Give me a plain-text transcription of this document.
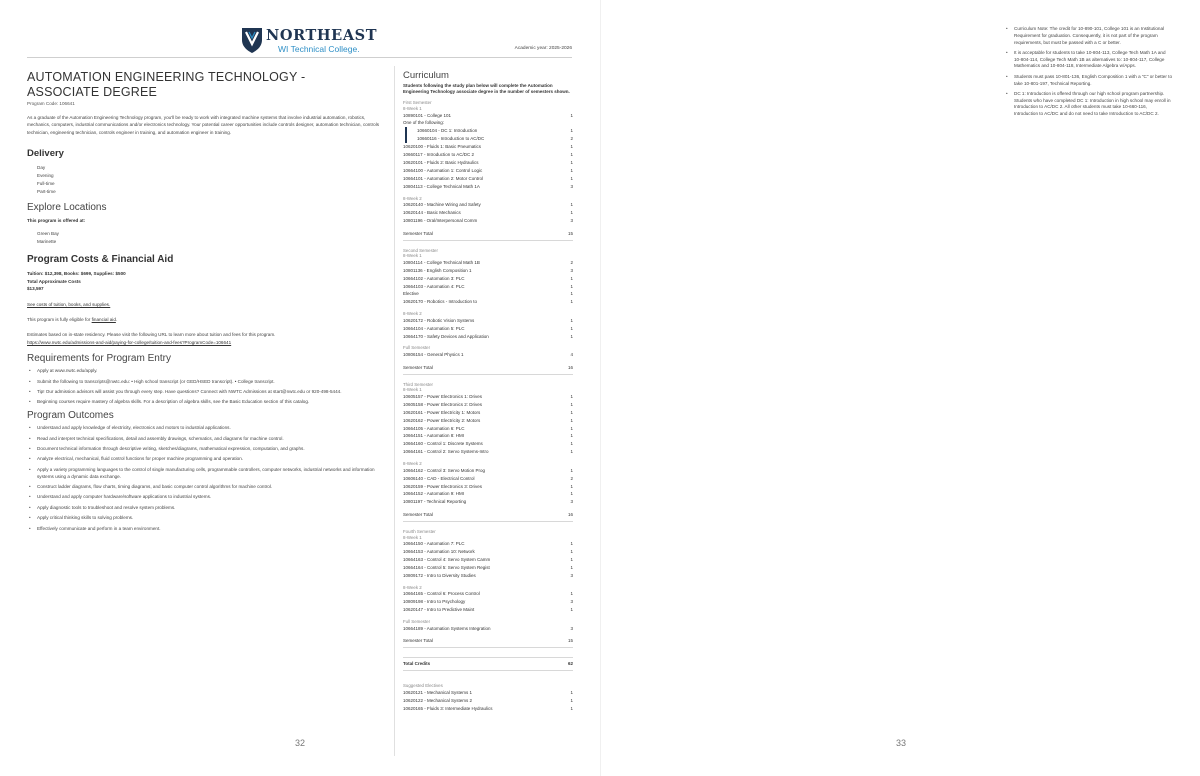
NORTHEAST
WI Technical College.	Academic year: 2025-2026
AUTOMATION ENGINEERING TECHNOLOGY -
ASSOCIATE DEGREE
Program Code: 106641

As a graduate of the Automation Engineering Technology program, you'll be ready to work with integrated machine systems that involve industrial automation, robotics, mechanics, computers, industrial communications and/or electronics technology. Your potential career opportunities include controls designer, automation technician, controls technician, engineering technician, controls engineer in training, and automation engineer in training.

Delivery
Day
Evening
Full-time
Part-time
Explore Locations

This program is offered at:

Green Bay
Marinette
Program Costs & Financial Aid

Tuition: $12,398, Books: $699, Supplies: $500

Total Approximate Costs

$13,597

See costs of tuition, books, and supplies.

This program is fully eligible for financial aid.

Estimates based on in-state residency. Please visit the following URL to learn more about tuition and fees for this program.

https://www.nwtc.edu/admissions-and-aid/paying-for-college/tuition-and-fees?ProgramCode=106641

Requirements for Program Entry
• Apply at www.nwtc.edu/apply.
• Submit the following to transcripts@nwtc.edu: • High school transcript (or GED/HSED transcript). • College transcript.
• Tip! Our admission advisors will assist you through every step. Have questions? Connect with NWTC Admissions at start@nwtc.edu or 920-498-5444.
• Beginning courses require mastery of algebra skills. For a description of algebra skills, see the Basic Education section of this catalog.
Program Outcomes
• Understand and apply knowledge of electricity, electronics and motors to industrial applications.
• Read and interpret technical specifications, detail and assembly drawings, schematics, and diagrams for machine control.
• Document technical information through descriptive writing, sketches/diagrams, mathematical expression, computation, and graphs.
• Analyze electrical, mechanical, fluid control functions for proper machine programming and operation.
• Apply a variety programming languages to the control of single manufacturing cells, programmable controllers, computer networks, industrial networks and information systems using a dynamic data exchange.
• Construct ladder diagrams, flow charts, timing diagrams, and basic computer control algorithms for machine control.
• Understand and apply computer hardware/software applications to industrial systems.
• Apply diagnostic tools to troubleshoot and resolve system problems.
• Apply critical thinking skills to solving problems.
• Effectively communicate and perform in a team environment.
Curriculum
Students following the study plan below will complete the Automation Engineering Technology associate degree in the number of semesters shown.
First Semester
8-Week 1
10890101 - College 101	1
One of the following:
10660104 - DC 1: Introduction	1
10660116 - Introduction to AC/DC	2
10620100 - Fluids 1: Basic Pneumatics	1
10660117 - Introduction to AC/DC 2	1
10620101 - Fluids 2: Basic Hydraulics	1
10664100 - Automation 1: Control Logic	1
10664101 - Automation 2: Motor Control	1
10804113 - College Technical Math 1A	3
8-Week 2
10620140 - Machine Wiring and Safety	1
10620144 - Basic Mechanics	1
10801196 - Oral/Interpersonal Comm	3
Semester Total	15
Second Semester
8-Week 1
10804114 - College Technical Math 1B	2
10801136 - English Composition 1	3
10664102 - Automation 3: PLC	1
10664103 - Automation 4: PLC	1
Elective	1
10620170 - Robotics - Introduction to	1
8-Week 2
10620172 - Robotic Vision Systems	1
10664104 - Automation 5: PLC	1
10664170 - Safety Devices and Application	1
Full Semester
10806154 - General Physics 1	4
Semester Total	16
Third Semester
8-Week 1
10605157 - Power Electronics 1: Drives	1
10605158 - Power Electronics 2: Drives	1
10620161 - Power Electricity 1: Motors	1
10620162 - Power Electricity 2: Motors	1
10664105 - Automation 6: PLC	1
10664151 - Automation 8: HMI	1
10664160 - Control 1: Discrete Systems	1
10664161 - Control 2: Servo Systems-Intro	1
8-Week 2
10664162 - Control 3: Servo Motion Prog	1
10606140 - CAD - Electrical Control	2
10620159 - Power Electronics 3: Drives	1
10664152 - Automation 9: HMI	1
10801197 - Technical Reporting	3
Semester Total	16
Fourth Semester
8-Week 1
10664150 - Automation 7: PLC	1
10664153 - Automation 10: Network	1
10664163 - Control 4: Servo System Camm	1
10664164 - Control 5: Servo System Regist	1
10809172 - Intro to Diversity Studies	3
8-Week 2
10664165 - Control 6: Process Control	1
10809198 - Intro to Psychology	3
10620147 - Intro to Predictive Maint	1
Full Semester
10664189 - Automation Systems Integration	3
Semester Total	15
Total Credits	62
Suggested Electives
10620121 - Mechanical Systems 1	1
10620122 - Mechanical Systems 2	1
10620165 - Fluids 3: Intermediate Hydraulics	1
32	33
• Curriculum Note: The credit for 10-890-101, College 101 is an Institutional Requirement for graduation. Consequently, it is not part of the program requirements, but must be passed with a C or better.
• It is acceptable for students to take 10-804-113, College Tech Math 1A and 10-804-114, College Tech Math 1B as alternatives to: 10-804-117, College Mathematics and 10-804-118, Intermediate Algebra w/Apps.
• Students must pass 10-801-136, English Composition 1 with a "C" or better to take 10-801-197, Technical Reporting.
• DC 1: Introduction is offered through our high school program partnership. Students who have completed DC 1: Introduction in high school may enroll in Introduction to AC/DC 2. All other students must take 10-660-116, Introduction to AC/DC and do not need to take Introduction to AC/DC 2.
